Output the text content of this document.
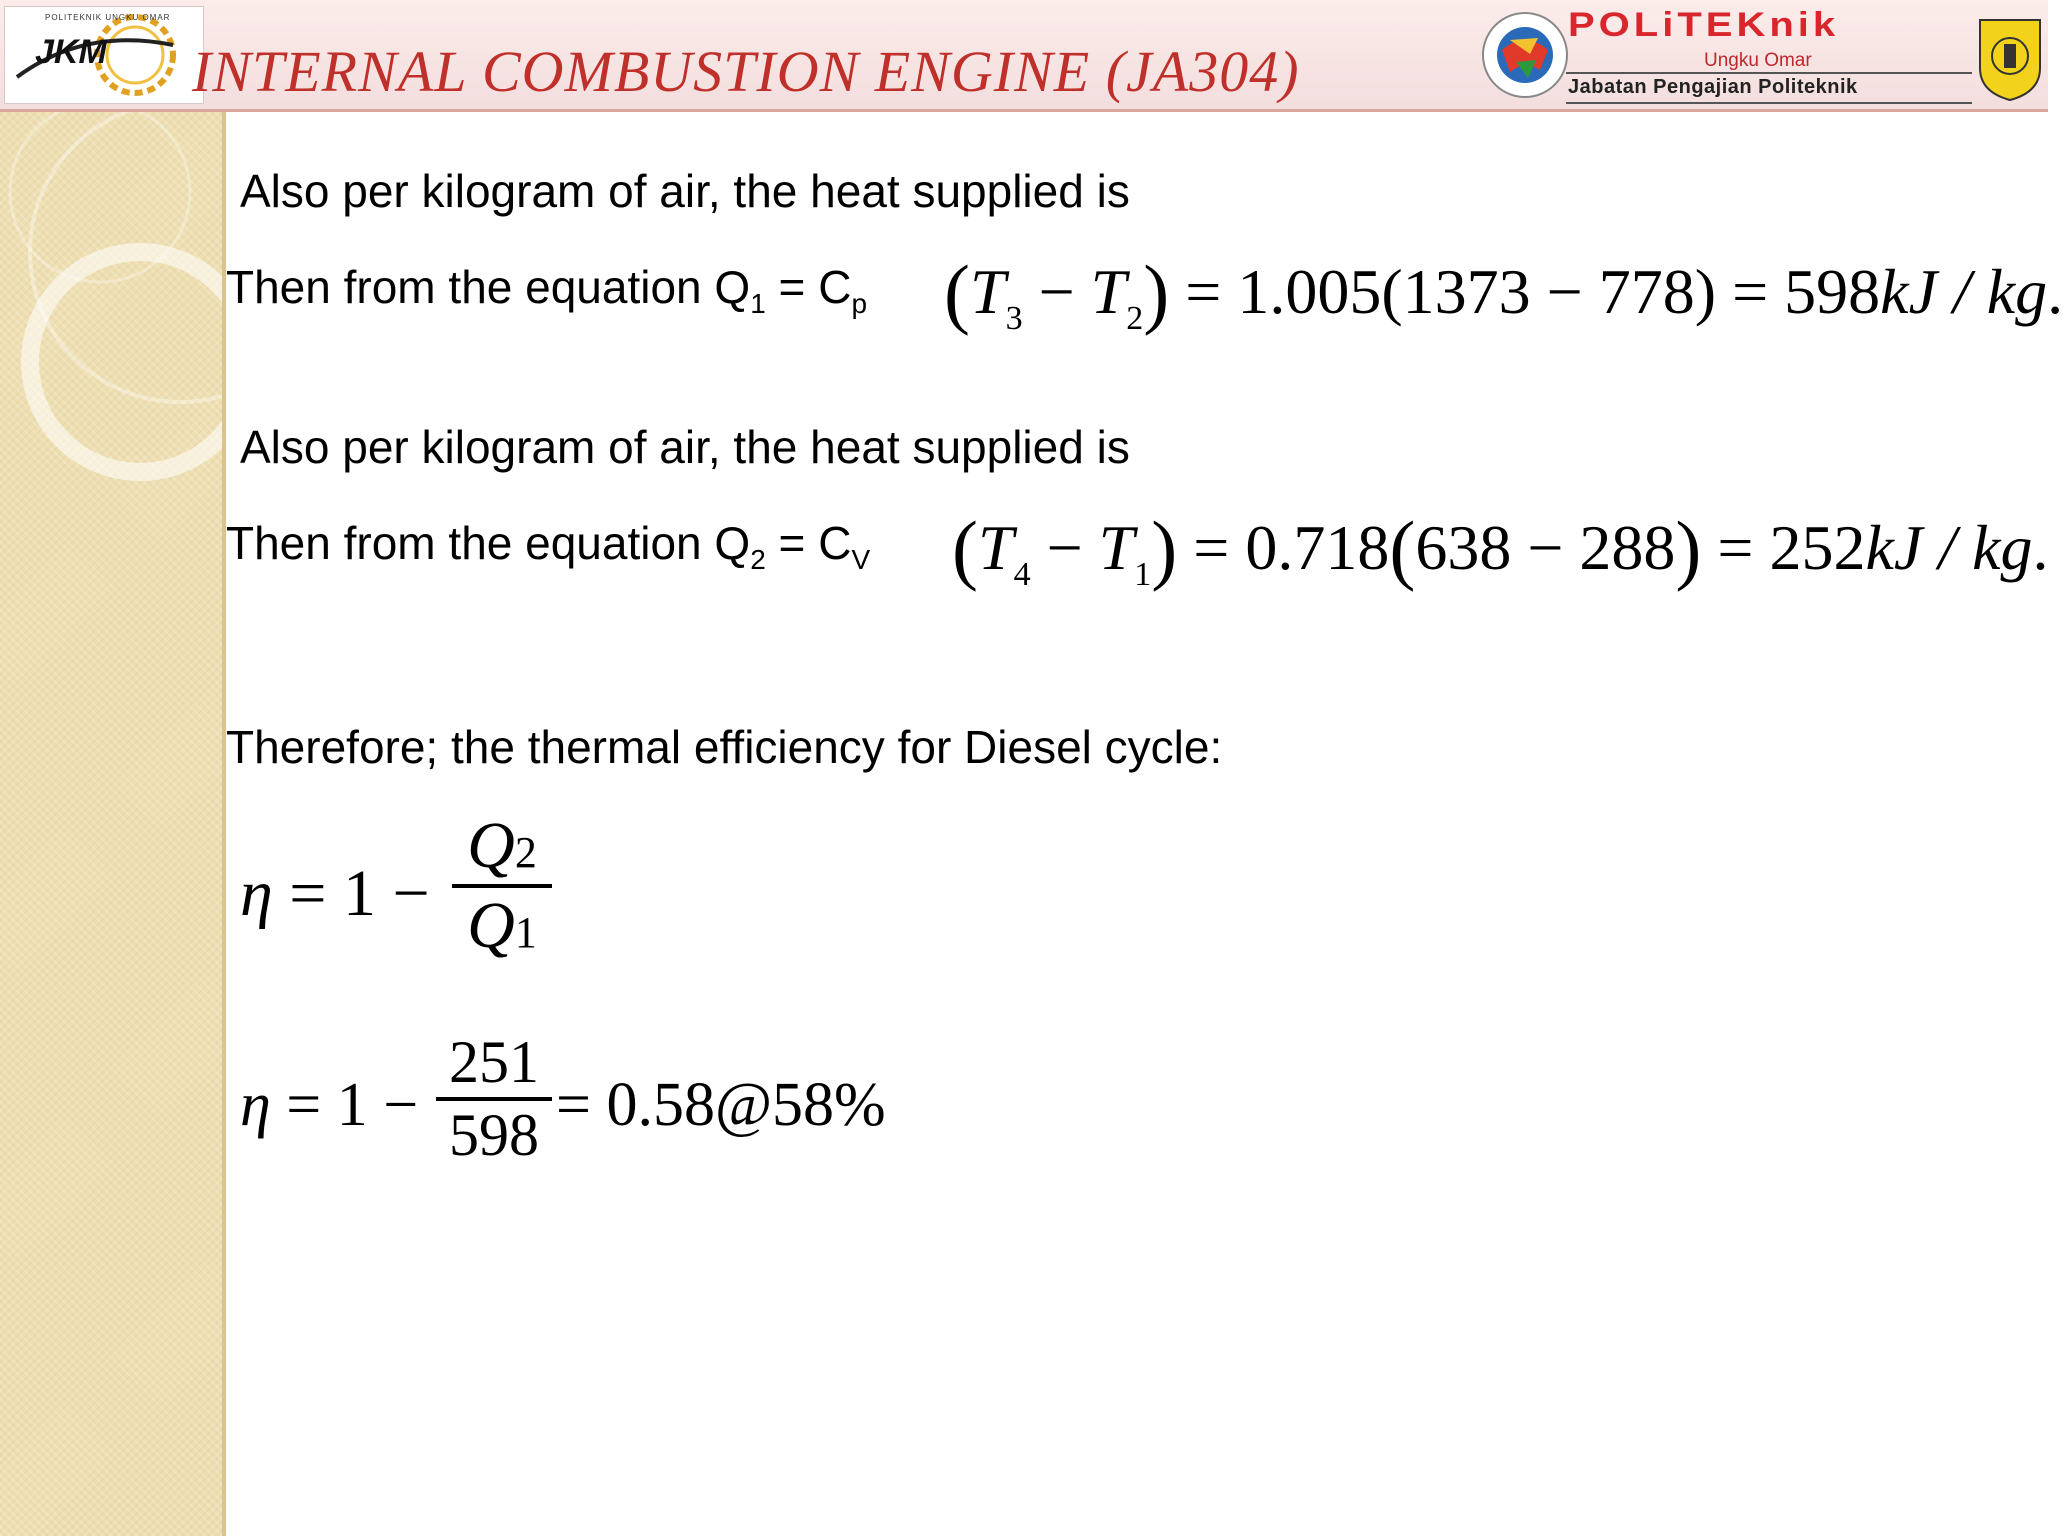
JKM
POLITEKNIK UNGKU OMAR
INTERNAL COMBUSTION ENGINE (JA304)
POLiTEKnik
Ungku Omar
Jabatan Pengajian Politeknik
Also per kilogram of air, the heat supplied is
Then from the equation $Q_1 = C_p$ $(T_3 - T_2) = 1.005(1373 - 778) = 598kJ$ / kg.
Also per kilogram of air, the heat supplied is
Then from the equation $Q_2 = C_V$ $(T_4 - T_1) = 0.718(638 - 288) = 252kJ$ / kg.
Therefore; the thermal efficiency for Diesel cycle:
η = 1 −
Q2
Q1
η = 1 −
251
598 = 0.58@58%
